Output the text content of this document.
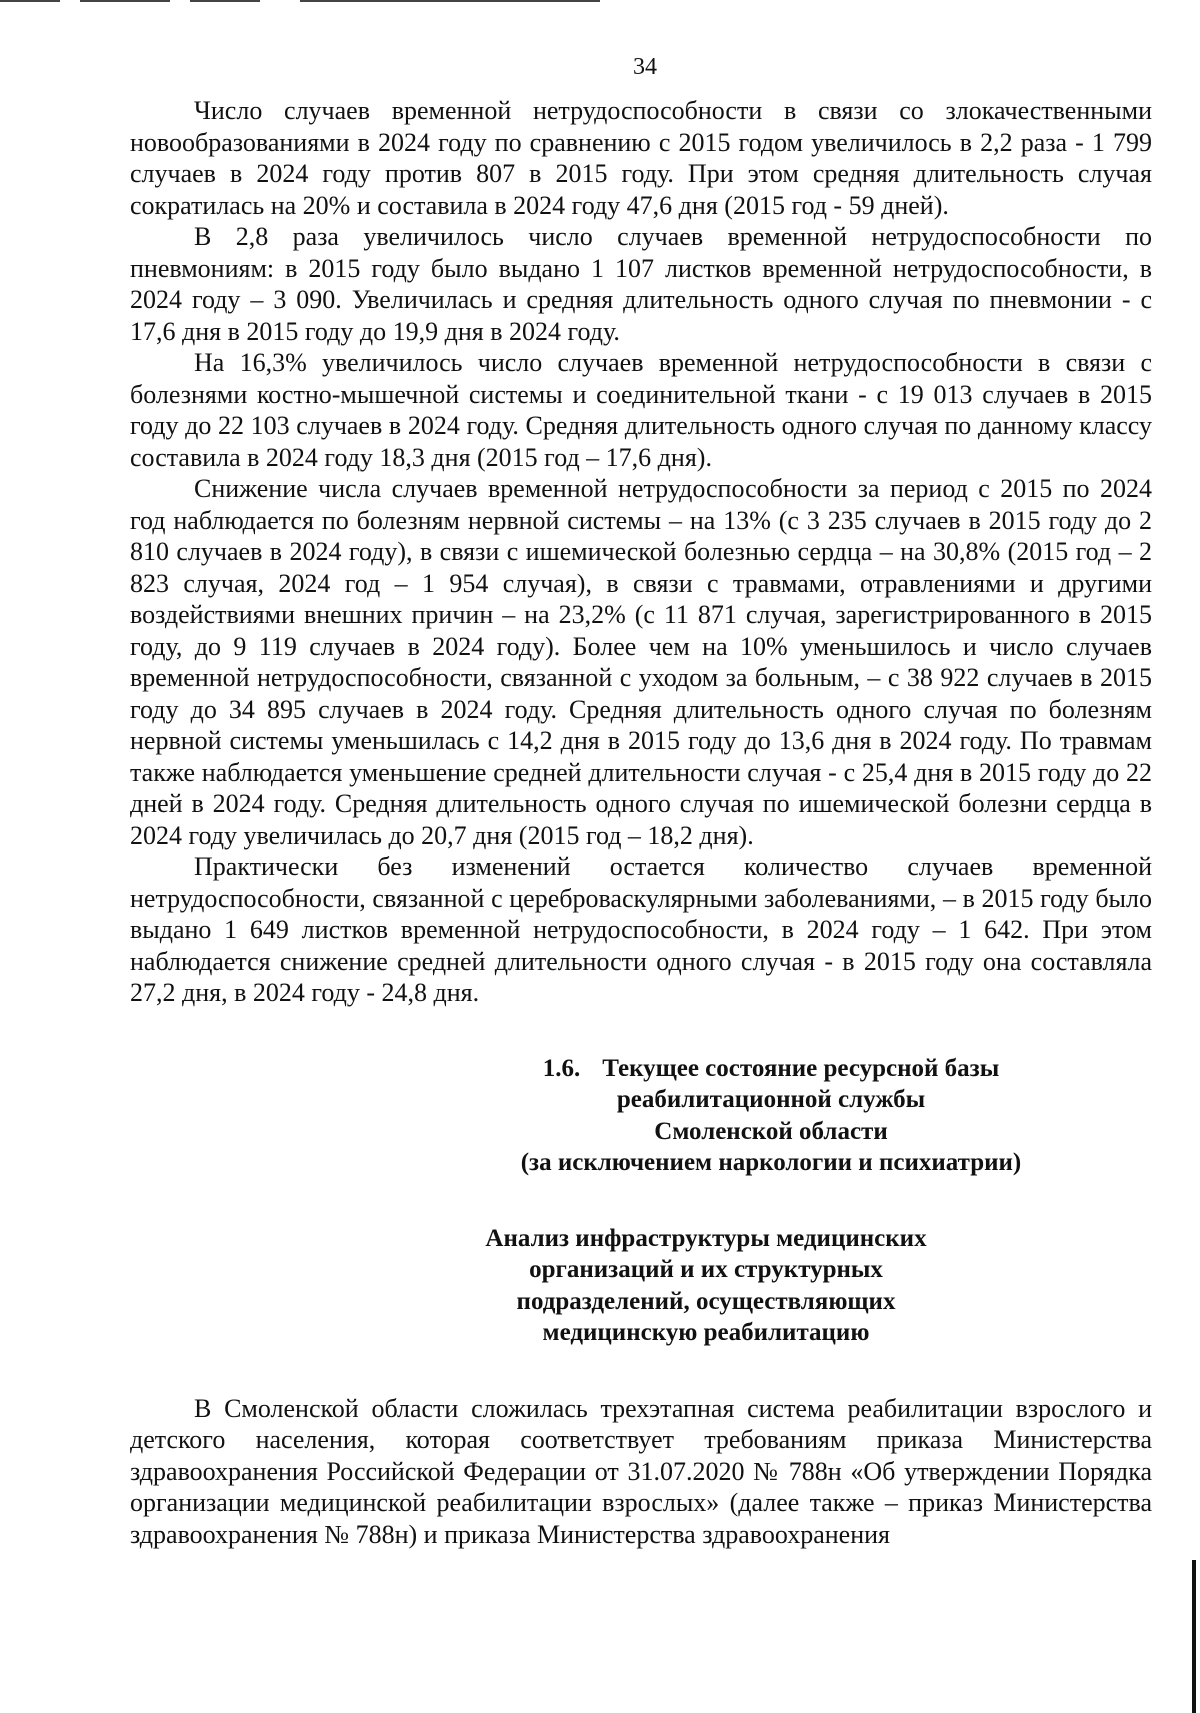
34

Число случаев временной нетрудоспособности в связи со злокачественными новообразованиями в 2024 году по сравнению с 2015 годом увеличилось в 2,2 раза - 1 799 случаев в 2024 году против 807 в 2015 году. При этом средняя длительность случая сократилась на 20% и составила в 2024 году 47,6 дня (2015 год - 59 дней).

В 2,8 раза увеличилось число случаев временной нетрудоспособности по пневмониям: в 2015 году было выдано 1 107 листков временной нетрудоспособности, в 2024 году – 3 090. Увеличилась и средняя длительность одного случая по пневмонии - с 17,6 дня в 2015 году до 19,9 дня в 2024 году.

На 16,3% увеличилось число случаев временной нетрудоспособности в связи с болезнями костно-мышечной системы и соединительной ткани - с 19 013 случаев в 2015 году до 22 103 случаев в 2024 году. Средняя длительность одного случая по данному классу составила в 2024 году 18,3 дня (2015 год – 17,6 дня).

Снижение числа случаев временной нетрудоспособности за период с 2015 по 2024 год наблюдается по болезням нервной системы – на 13% (с 3 235 случаев в 2015 году до 2 810 случаев в 2024 году), в связи с ишемической болезнью сердца – на 30,8% (2015 год – 2 823 случая, 2024 год – 1 954 случая), в связи с травмами, отравлениями и другими воздействиями внешних причин – на 23,2% (с 11 871 случая, зарегистрированного в 2015 году, до 9 119 случаев в 2024 году). Более чем на 10% уменьшилось и число случаев временной нетрудоспособности, связанной с уходом за больным, – с 38 922 случаев в 2015 году до 34 895 случаев в 2024 году. Средняя длительность одного случая по болезням нервной системы уменьшилась с 14,2 дня в 2015 году до 13,6 дня в 2024 году. По травмам также наблюдается уменьшение средней длительности случая - с 25,4 дня в 2015 году до 22 дней в 2024 году. Средняя длительность одного случая по ишемической болезни сердца в 2024 году увеличилась до 20,7 дня (2015 год – 18,2 дня).

Практически без изменений остается количество случаев временной нетрудоспособности, связанной с цереброваскулярными заболеваниями, – в 2015 году было выдано 1 649 листков временной нетрудоспособности, в 2024 году – 1 642. При этом наблюдается снижение средней длительности одного случая - в 2015 году она составляла 27,2 дня, в 2024 году - 24,8 дня.

1.6. Текущее состояние ресурсной базы
реабилитационной службы
Смоленской области
(за исключением наркологии и психиатрии)
Анализ инфраструктуры медицинских
организаций и их структурных
подразделений, осуществляющих
медицинскую реабилитацию

В Смоленской области сложилась трехэтапная система реабилитации взрослого и детского населения, которая соответствует требованиям приказа Министерства здравоохранения Российской Федерации от 31.07.2020 № 788н «Об утверждении Порядка организации медицинской реабилитации взрослых» (далее также – приказ Министерства здравоохранения № 788н) и приказа Министерства здравоохранения
